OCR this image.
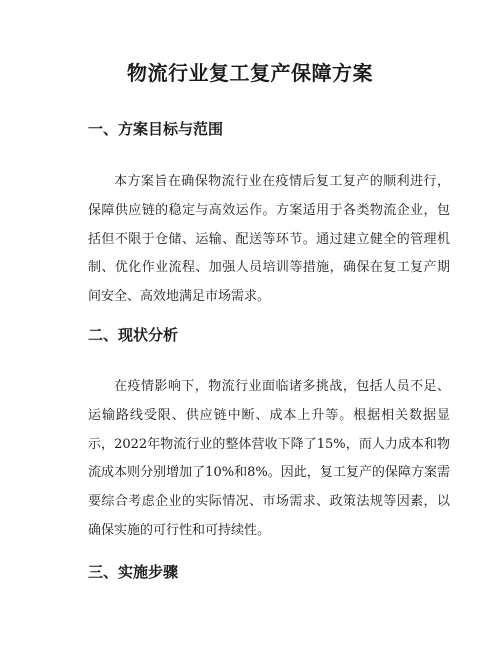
物流行业复工复产保障方案
一、方案目标与范围

本方案旨在确保物流行业在疫情后复工复产的顺利进行，保障供应链的稳定与高效运作。方案适用于各类物流企业，包括但不限于仓储、运输、配送等环节。通过建立健全的管理机制、优化作业流程、加强人员培训等措施，确保在复工复产期间安全、高效地满足市场需求。

二、现状分析

在疫情影响下，物流行业面临诸多挑战，包括人员不足、运输路线受限、供应链中断、成本上升等。根据相关数据显示，2022年物流行业的整体营收下降了15%，而人力成本和物流成本则分别增加了10%和8%。因此，复工复产的保障方案需要综合考虑企业的实际情况、市场需求、政策法规等因素，以确保实施的可行性和可持续性。

三、实施步骤
